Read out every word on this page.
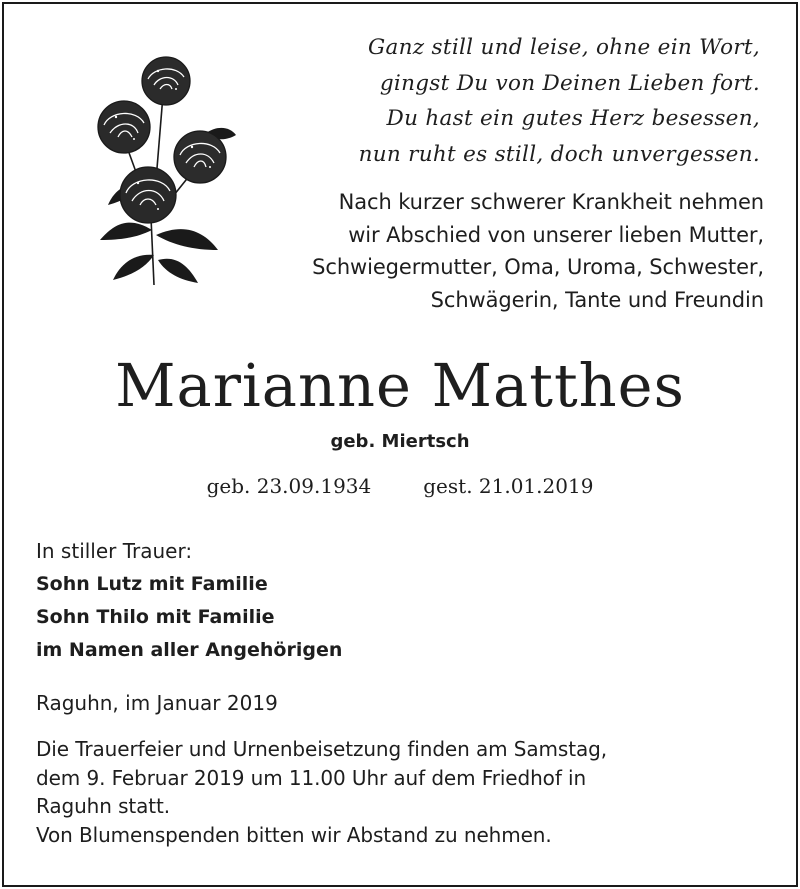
Ganz still und leise, ohne ein Wort,
gingst Du von Deinen Lieben fort.
Du hast ein gutes Herz besessen,
nun ruht es still, doch unvergessen.
Nach kurzer schwerer Krankheit nehmen
wir Abschied von unserer lieben Mutter,
Schwiegermutter, Oma, Uroma, Schwester,
Schwägerin, Tante und Freundin
Marianne Matthes
geb. Miertsch
geb. 23.09.1934	gest. 21.01.2019
In stiller Trauer:
Sohn Lutz mit Familie
Sohn Thilo mit Familie
im Namen aller Angehörigen
Raguhn, im Januar 2019
Die Trauerfeier und Urnenbeisetzung finden am Samstag,
dem 9. Februar 2019 um 11.00 Uhr auf dem Friedhof in
Raguhn statt.
Von Blumenspenden bitten wir Abstand zu nehmen.
